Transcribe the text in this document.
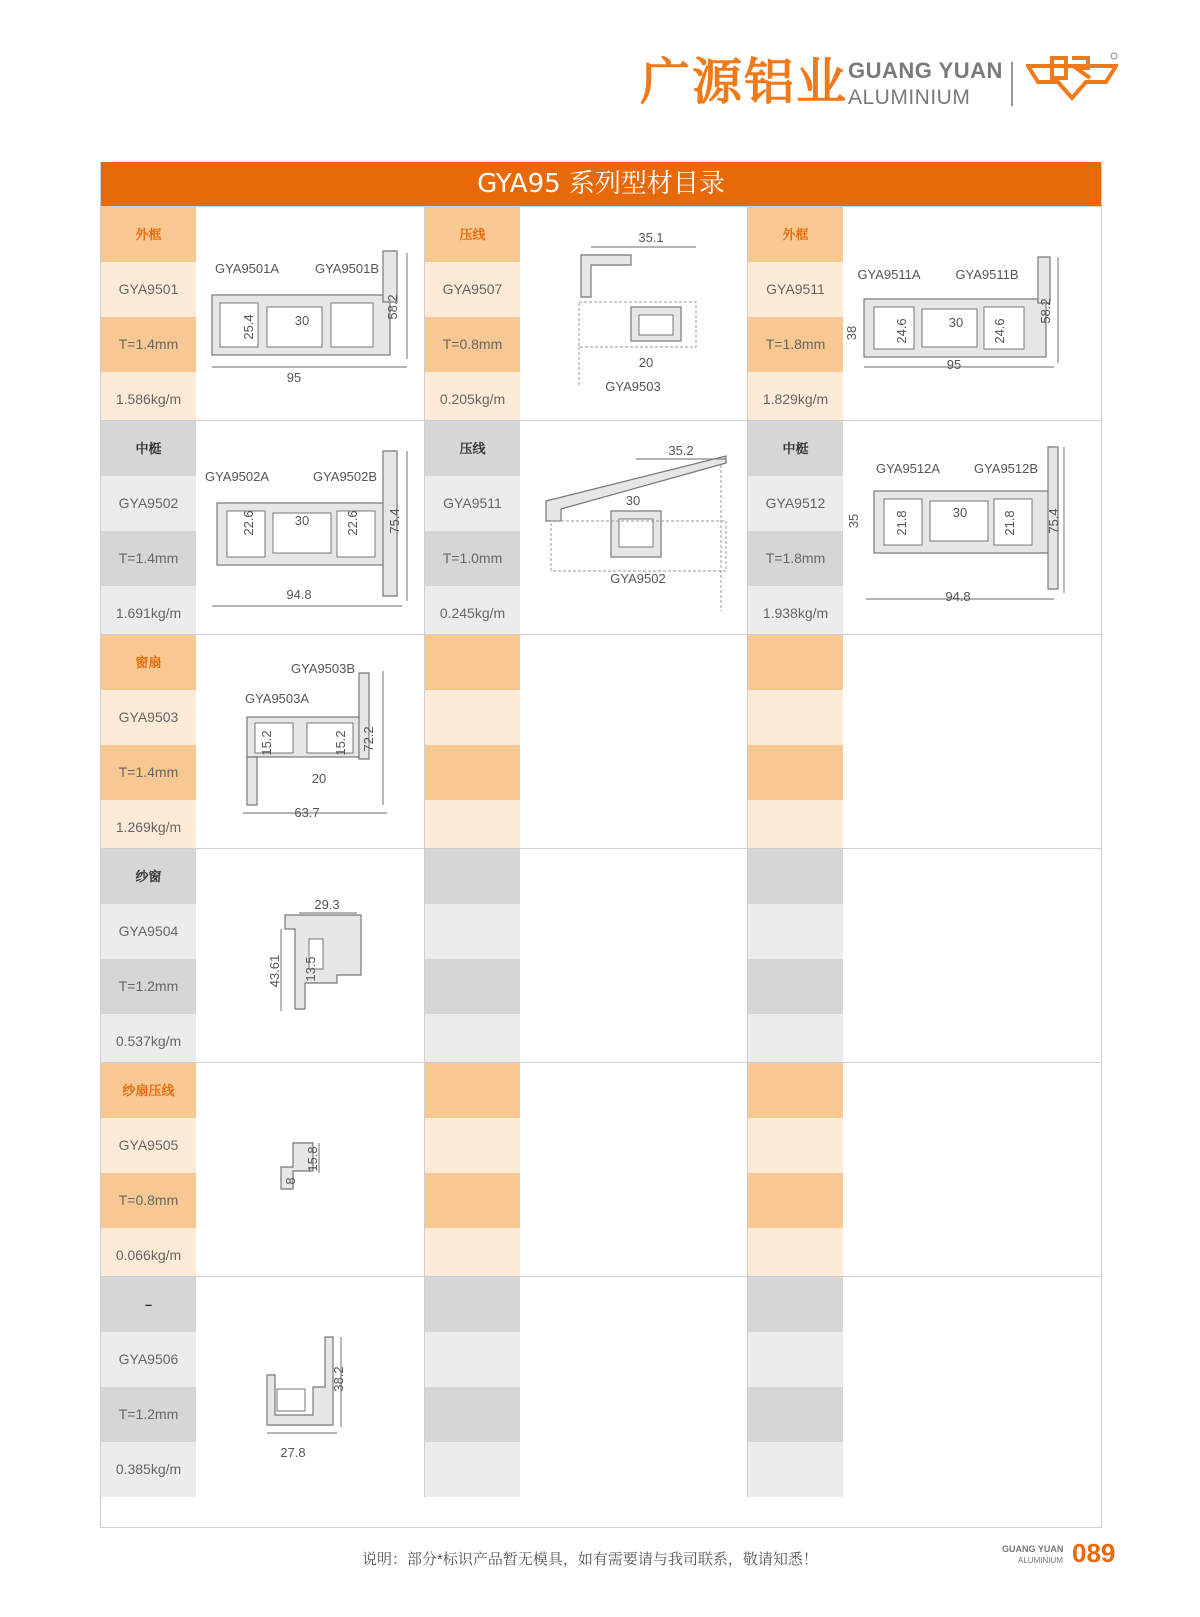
广源铝业 GUANG YUAN
ALUMINIUM
GYA95 系列型材目录
外框
GYA9501
T=1.4mm
1.586kg/m
GYA9501A	GYA9501B
25.4	30
58.2
95
压线
GYA9507
T=0.8mm
0.205kg/m
35.1
20
GYA9503
外框
GYA9511
T=1.8mm
1.829kg/m
GYA9511A	GYA9511B
38	24.6	30 24.6
58.2
95
中梃
GYA9502
T=1.4mm
1.691kg/m
GYA9502A	GYA9502B
22.6	30	22.6 75.4
94.8
压线
GYA9511
T=1.0mm
0.245kg/m
35.2
30
GYA9502
中梃
GYA9512
T=1.8mm
1.938kg/m
GYA9512A	GYA9512B
35	21.8	30	21.8 75.4
94.8
窗扇
GYA9503
T=1.4mm
1.269kg/m
GYA9503B
GYA9503A
15.2	15.2 72.2
20
63.7
纱窗
GYA9504
T=1.2mm
0.537kg/m
29.3
43.61 13.5
纱扇压线
GYA9505
T=0.8mm
0.066kg/m
15.8
8
–
GYA9506
T=1.2mm
0.385kg/m
38.2
27.8
说明：部分*标识产品暂无模具，如有需要请与我司联系，敬请知悉！
GUANG YUAN
ALUMINIUM 089
